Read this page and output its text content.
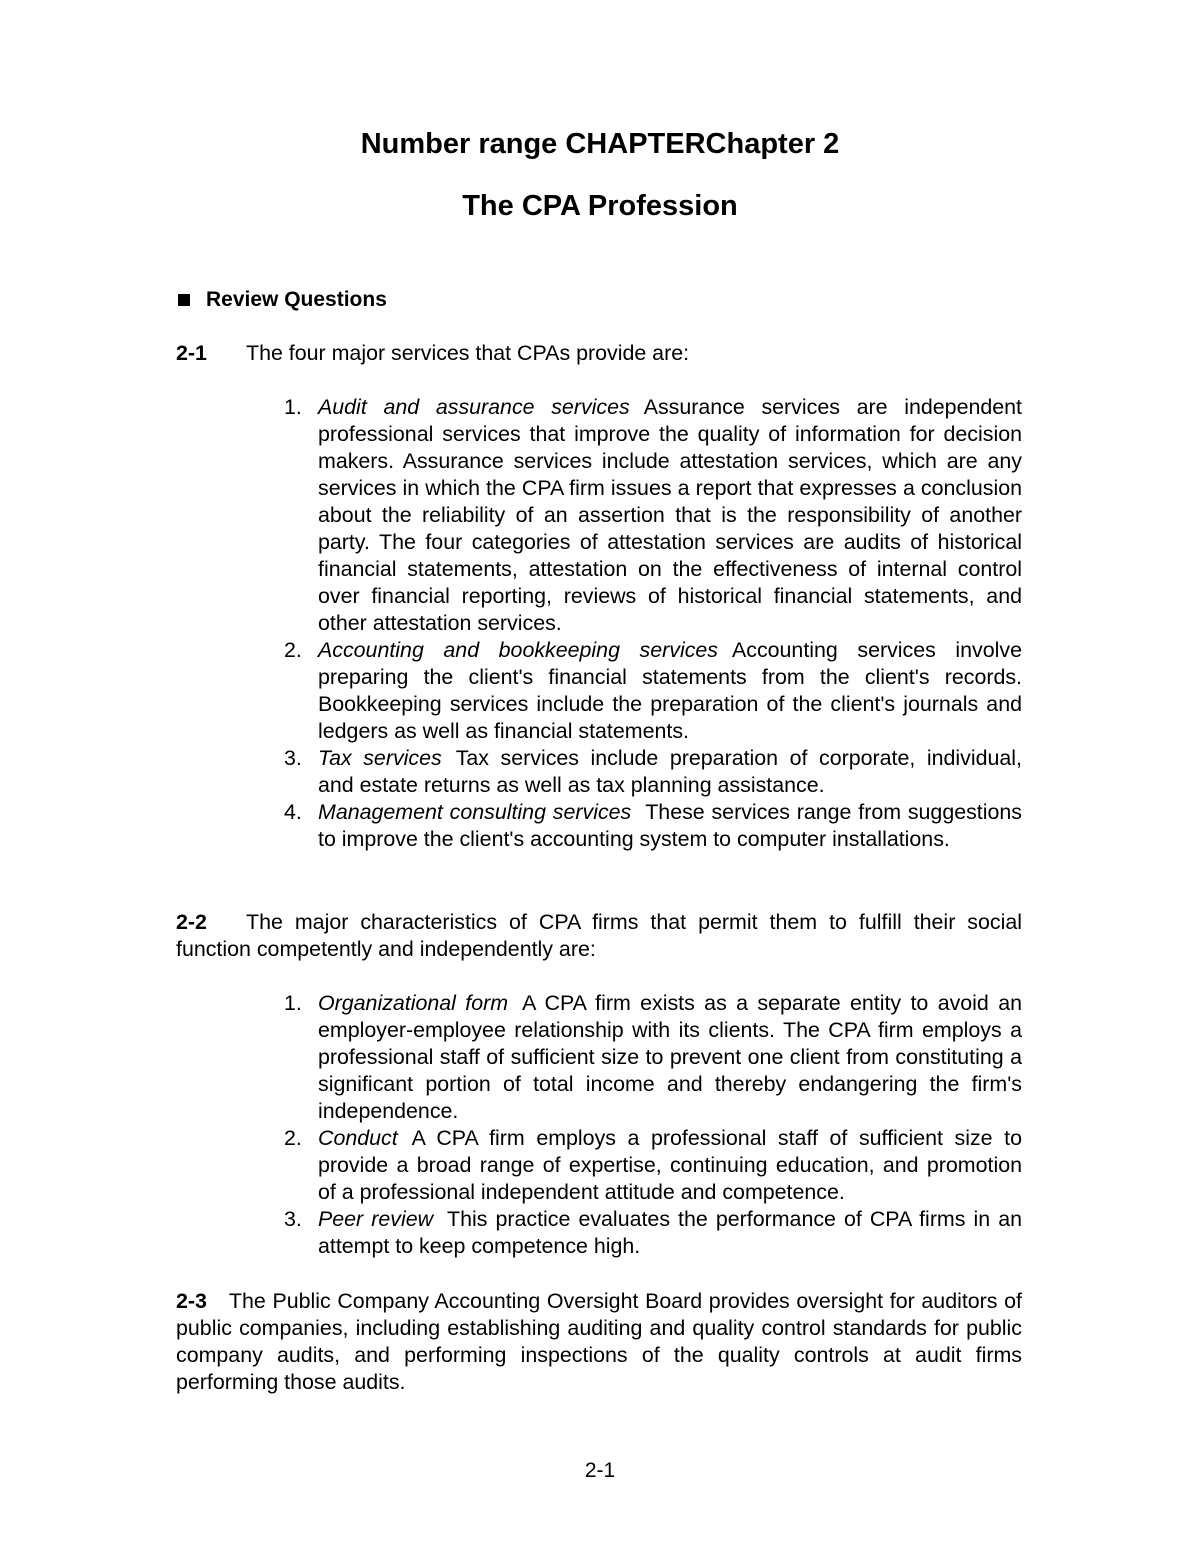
Number range CHAPTERChapter 2
The CPA Profession
Review Questions
2-1 The four major services that CPAs provide are:
1. Audit and assurance services Assurance services are independent professional services that improve the quality of information for decision makers. Assurance services include attestation services, which are any services in which the CPA firm issues a report that expresses a conclusion about the reliability of an assertion that is the responsibility of another party. The four categories of attestation services are audits of historical financial statements, attestation on the effectiveness of internal control over financial reporting, reviews of historical financial statements, and other attestation services.
2. Accounting and bookkeeping services Accounting services involve preparing the client's financial statements from the client's records. Bookkeeping services include the preparation of the client's journals and ledgers as well as financial statements.
3. Tax services Tax services include preparation of corporate, individual, and estate returns as well as tax planning assistance.
4. Management consulting services These services range from suggestions to improve the client's accounting system to computer installations.
2-2 The major characteristics of CPA firms that permit them to fulfill their social function competently and independently are:
1. Organizational form A CPA firm exists as a separate entity to avoid an employer-employee relationship with its clients. The CPA firm employs a professional staff of sufficient size to prevent one client from constituting a significant portion of total income and thereby endangering the firm's independence.
2. Conduct A CPA firm employs a professional staff of sufficient size to provide a broad range of expertise, continuing education, and promotion of a professional independent attitude and competence.
3. Peer review This practice evaluates the performance of CPA firms in an attempt to keep competence high.
2-3 The Public Company Accounting Oversight Board provides oversight for auditors of public companies, including establishing auditing and quality control standards for public company audits, and performing inspections of the quality controls at audit firms performing those audits.
2-1
